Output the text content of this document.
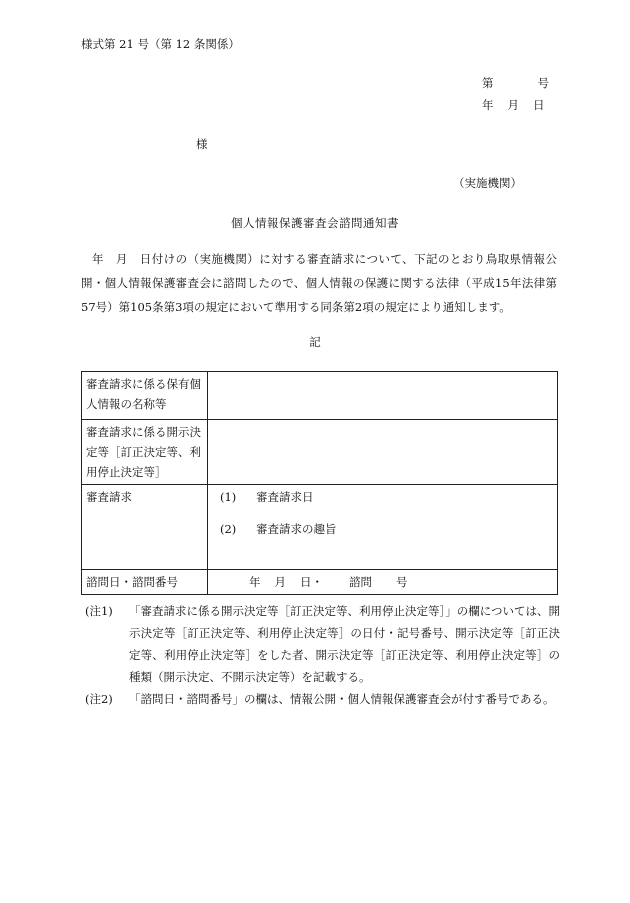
様式第 21 号（第 12 条関係）
第	号
年 月 日
様
（実施機関）
個人情報保護審査会諮問通知書
年　月　日付けの（実施機関）に対する審査請求について、下記のとおり鳥取県情報公開・個人情報保護審査会に諮問したので、個人情報の保護に関する法律（平成15年法律第57号）第105条第3項の規定において準用する同条第2項の規定により通知します。
記
審査請求に係る保有個人情報の名称等	
審査請求に係る開示決定等［訂正決定等、利用停止決定等］	
審査請求	(1) 審査請求日
(2) 審査請求の趣旨

諮問日・諮問番号	年 月 日・ 諮問 号
(注1) 「審査請求に係る開示決定等［訂正決定等、利用停止決定等］」の欄については、開示決定等［訂正決定等、利用停止決定等］の日付・記号番号、開示決定等［訂正決定等、利用停止決定等］をした者、開示決定等［訂正決定等、利用停止決定等］の種類（開示決定、不開示決定等）を記載する。
(注2) 「諮問日・諮問番号」の欄は、情報公開・個人情報保護審査会が付す番号である。
